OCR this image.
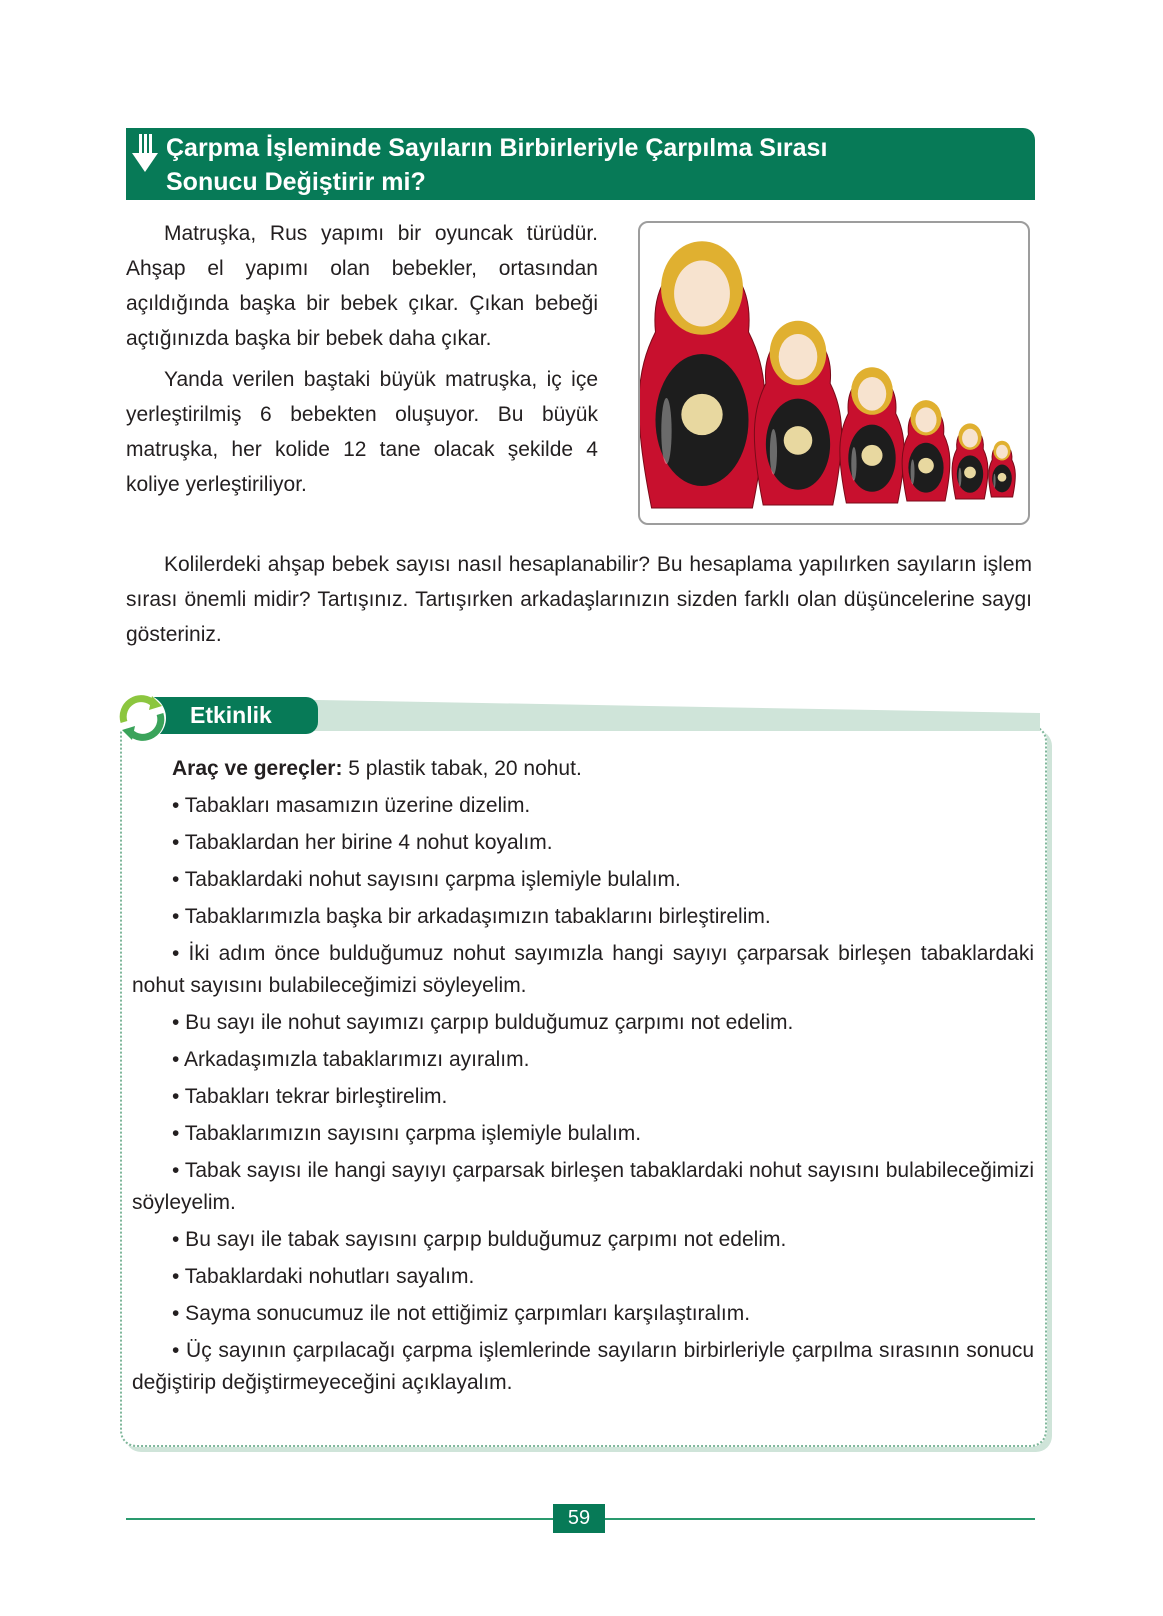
Çarpma İşleminde Sayıların Birbirleriyle Çarpılma Sırası
Sonucu Değiştirir mi?

Matruşka, Rus yapımı bir oyuncak türüdür. Ahşap el yapımı olan bebekler, ortasından açıldığında başka bir bebek çıkar. Çıkan bebeği açtığınızda başka bir bebek daha çıkar.

Yanda verilen baştaki büyük matruşka, iç içe yerleştirilmiş 6 bebekten oluşuyor. Bu büyük matruşka, her kolide 12 tane olacak şekilde 4 koliye yerleştiriliyor.

Kolilerdeki ahşap bebek sayısı nasıl hesaplanabilir? Bu hesaplama yapılırken sayıların işlem sırası önemli midir? Tartışınız. Tartışırken arkadaşlarınızın sizden farklı olan düşüncelerine saygı gösteriniz.

Etkinlik

Araç ve gereçler: 5 plastik tabak, 20 nohut.

• Tabakları masamızın üzerine dizelim.

• Tabaklardan her birine 4 nohut koyalım.

• Tabaklardaki nohut sayısını çarpma işlemiyle bulalım.

• Tabaklarımızla başka bir arkadaşımızın tabaklarını birleştirelim.

• İki adım önce bulduğumuz nohut sayımızla hangi sayıyı çarparsak birleşen tabaklardaki nohut sayısını bulabileceğimizi söyleyelim.

• Bu sayı ile nohut sayımızı çarpıp bulduğumuz çarpımı not edelim.

• Arkadaşımızla tabaklarımızı ayıralım.

• Tabakları tekrar birleştirelim.

• Tabaklarımızın sayısını çarpma işlemiyle bulalım.

• Tabak sayısı ile hangi sayıyı çarparsak birleşen tabaklardaki nohut sayısını bulabileceğimizi söyleyelim.

• Bu sayı ile tabak sayısını çarpıp bulduğumuz çarpımı not edelim.

• Tabaklardaki nohutları sayalım.

• Sayma sonucumuz ile not ettiğimiz çarpımları karşılaştıralım.

• Üç sayının çarpılacağı çarpma işlemlerinde sayıların birbirleriyle çarpılma sırasının sonucu değiştirip değiştirmeyeceğini açıklayalım.

59
